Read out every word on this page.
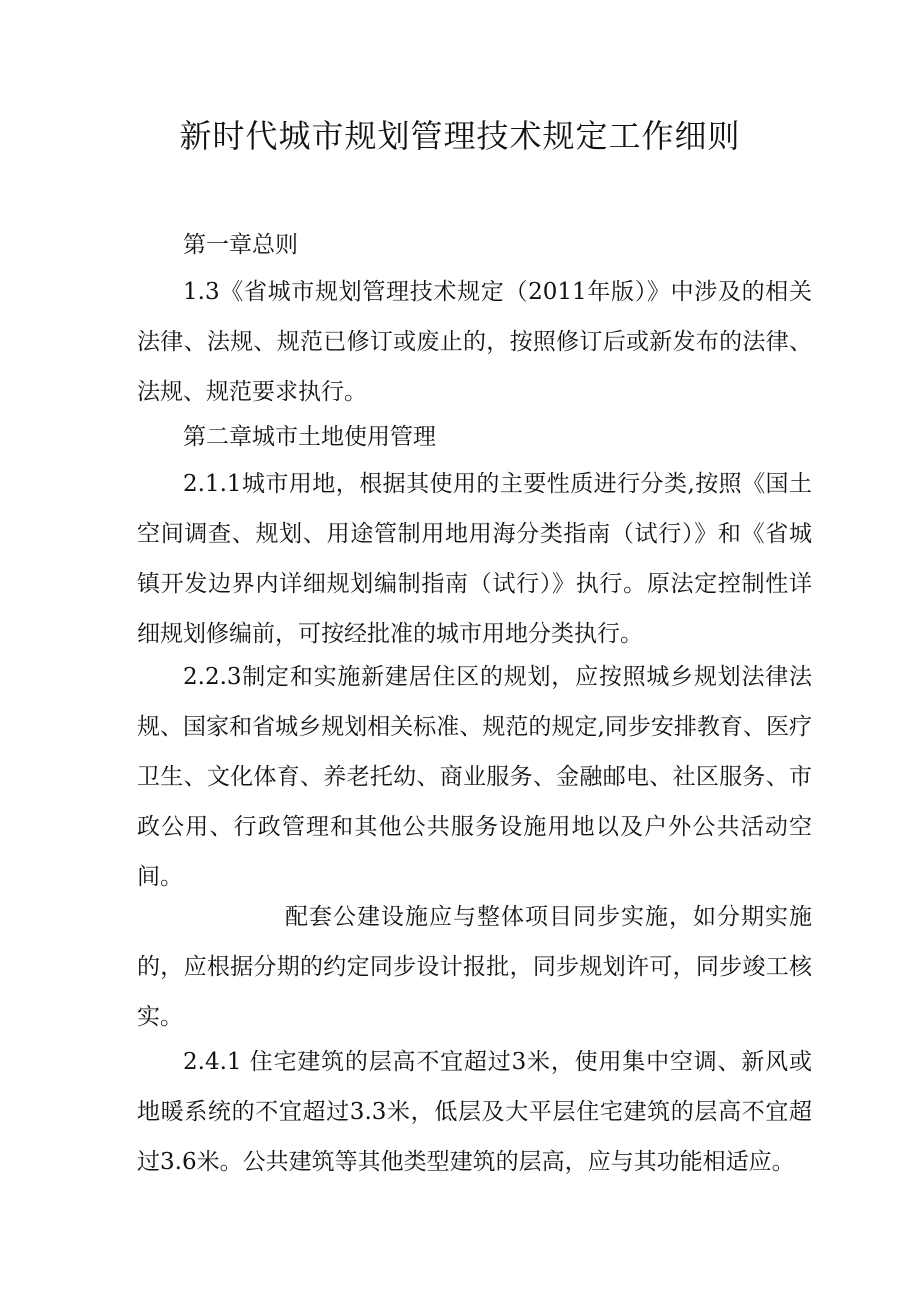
新时代城市规划管理技术规定工作细则

第一章总则

1.3《省城市规划管理技术规定（2011年版）》中涉及的相关法律、法规、规范已修订或废止的，按照修订后或新发布的法律、法规、规范要求执行。

第二章城市土地使用管理

2.1.1城市用地，根据其使用的主要性质进行分类,按照《国土空间调查、规划、用途管制用地用海分类指南（试行）》和《省城镇开发边界内详细规划编制指南（试行）》执行。原法定控制性详细规划修编前，可按经批准的城市用地分类执行。

2.2.3制定和实施新建居住区的规划，应按照城乡规划法律法规、国家和省城乡规划相关标准、规范的规定,同步安排教育、医疗卫生、文化体育、养老托幼、商业服务、金融邮电、社区服务、市政公用、行政管理和其他公共服务设施用地以及户外公共活动空间。

配套公建设施应与整体项目同步实施，如分期实施的，应根据分期的约定同步设计报批，同步规划许可，同步竣工核实。

2.4.1 住宅建筑的层高不宜超过3米，使用集中空调、新风或地暖系统的不宜超过3.3米，低层及大平层住宅建筑的层高不宜超过3.6米。公共建筑等其他类型建筑的层高，应与其功能相适应。
